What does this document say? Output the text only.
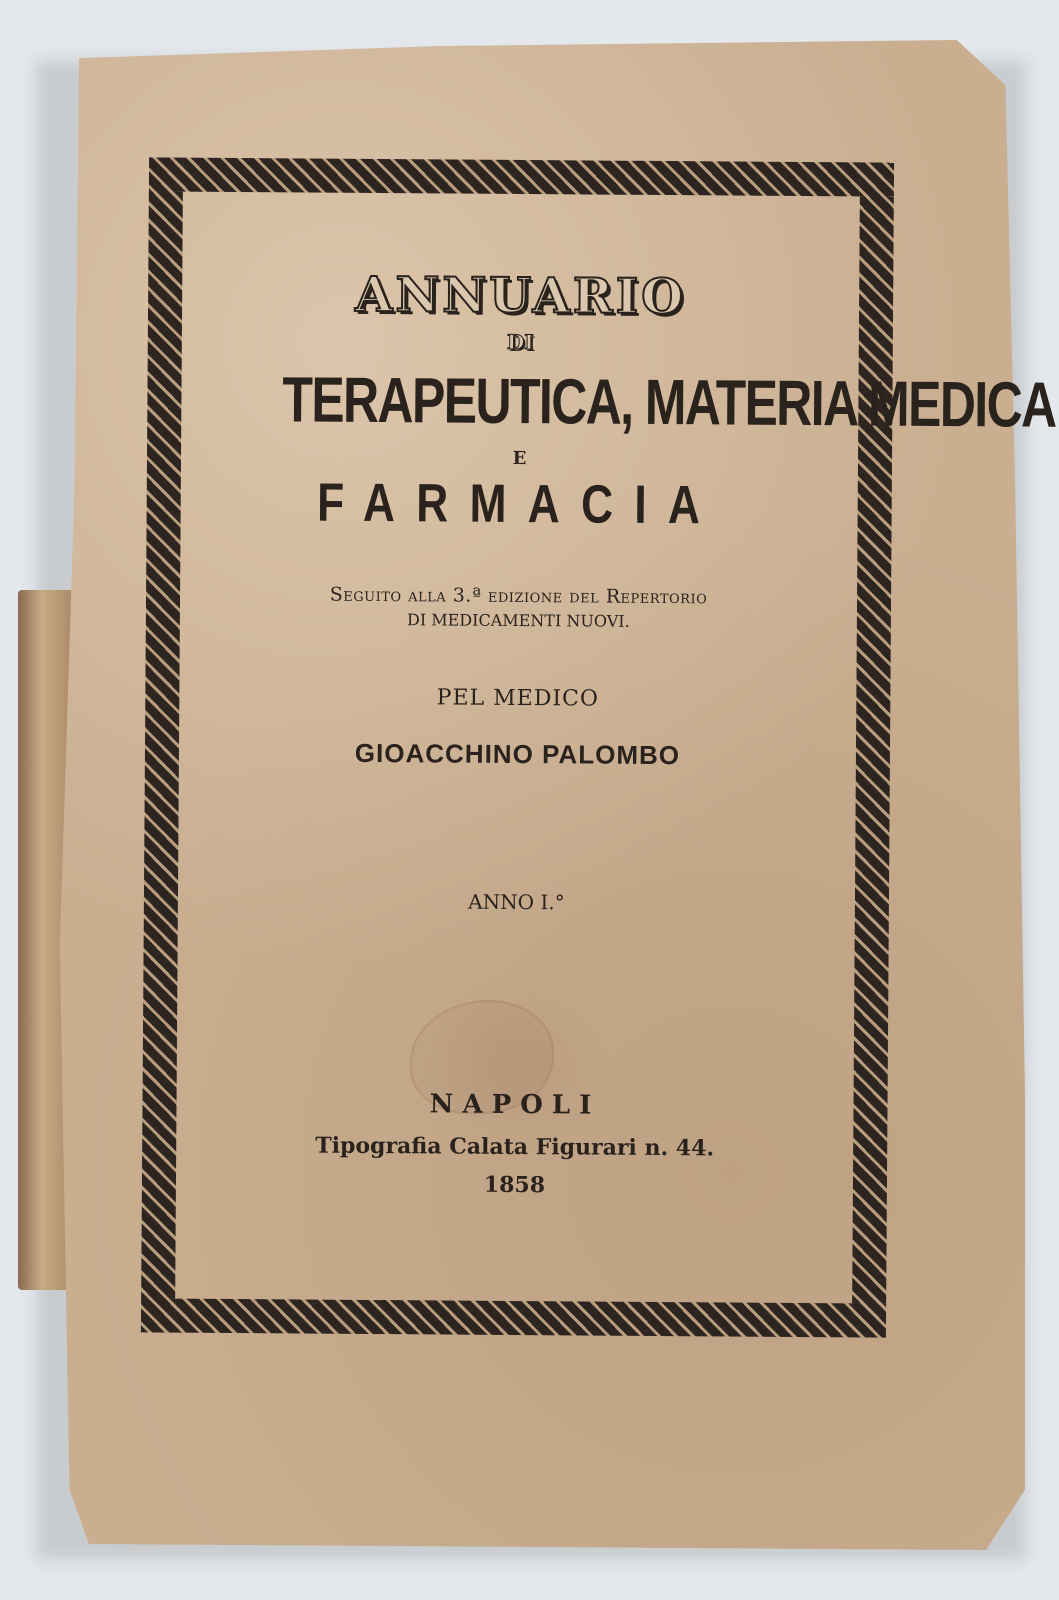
ANNUARIO
DI
TERAPEUTICA, MATERIA MEDICA
E
FARMACIA
Seguito alla 3.ª edizione del Repertorio
DI MEDICAMENTI NUOVI.
PEL MEDICO
GIOACCHINO PALOMBO
ANNO I.°
NAPOLI
Tipografia Calata Figurari n. 44.
1858
